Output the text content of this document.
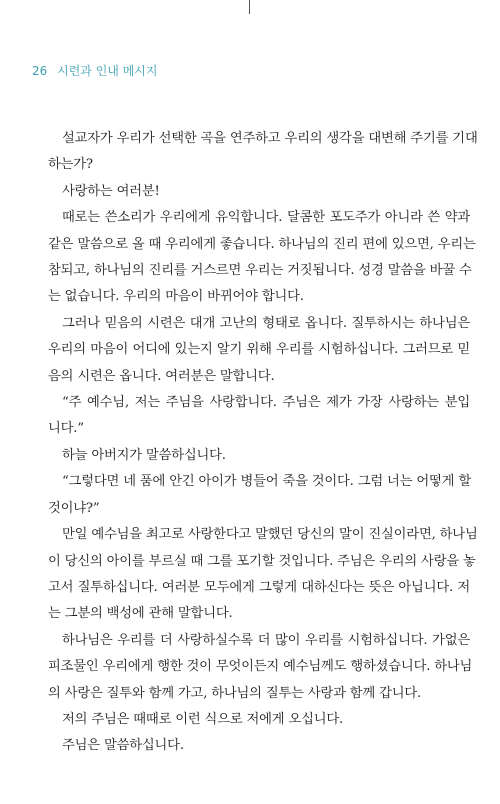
26 시련과 인내 메시지

설교자가 우리가 선택한 곡을 연주하고 우리의 생각을 대변해 주기를 기대
하는가?

사랑하는 여러분!

때로는 쓴소리가 우리에게 유익합니다. 달콤한 포도주가 아니라 쓴 약과
같은 말씀으로 올 때 우리에게 좋습니다. 하나님의 진리 편에 있으면, 우리는
참되고, 하나님의 진리를 거스르면 우리는 거짓됩니다. 성경 말씀을 바꿀 수
는 없습니다. 우리의 마음이 바뀌어야 합니다.

그러나 믿음의 시련은 대개 고난의 형태로 옵니다. 질투하시는 하나님은
우리의 마음이 어디에 있는지 알기 위해 우리를 시험하십니다. 그러므로 믿
음의 시련은 옵니다. 여러분은 말합니다.

“주 예수님, 저는 주님을 사랑합니다. 주님은 제가 가장 사랑하는 분입
니다.”

하늘 아버지가 말씀하십니다.

“그렇다면 네 품에 안긴 아이가 병들어 죽을 것이다. 그럼 너는 어떻게 할
것이냐?”

만일 예수님을 최고로 사랑한다고 말했던 당신의 말이 진실이라면, 하나님
이 당신의 아이를 부르실 때 그를 포기할 것입니다. 주님은 우리의 사랑을 놓
고서 질투하십니다. 여러분 모두에게 그렇게 대하신다는 뜻은 아닙니다. 저
는 그분의 백성에 관해 말합니다.

하나님은 우리를 더 사랑하실수록 더 많이 우리를 시험하십니다. 가없은
피조물인 우리에게 행한 것이 무엇이든지 예수님께도 행하셨습니다. 하나님
의 사랑은 질투와 함께 가고, 하나님의 질투는 사랑과 함께 갑니다.

저의 주님은 때때로 이런 식으로 저에게 오십니다.

주님은 말씀하십니다.
